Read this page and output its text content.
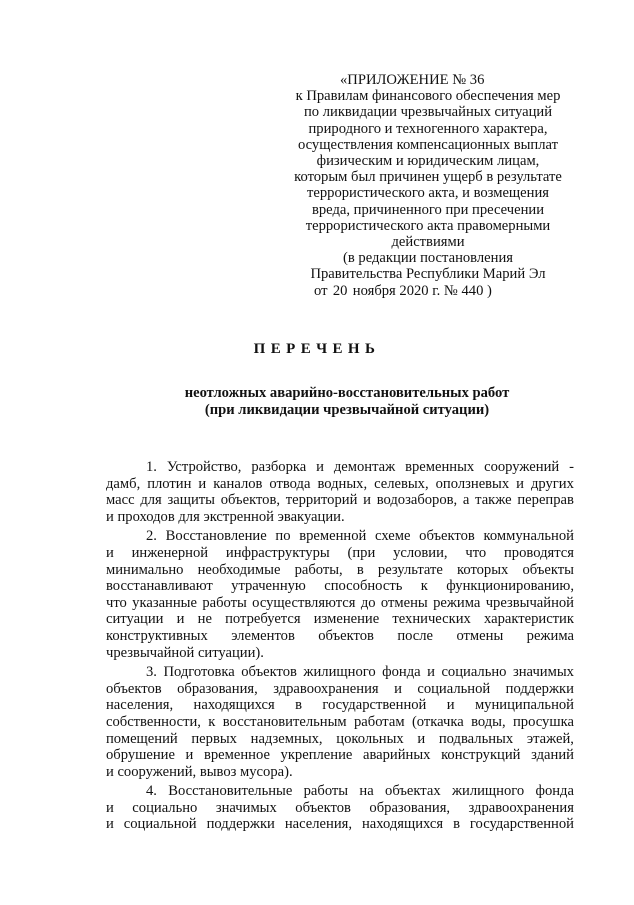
«ПРИЛОЖЕНИЕ № 36
к Правилам финансового обеспечения мер
по ликвидации чрезвычайных ситуаций
природного и техногенного характера,
осуществления компенсационных выплат
физическим и юридическим лицам,
которым был причинен ущерб в результате
террористического акта, и возмещения
вреда, причиненного при пресечении
террористического акта правомерными
действиями
(в редакции постановления
Правительства Республики Марий Эл
от 20 ноября 2020 г. № 440 )
ПЕРЕЧЕНЬ
неотложных аварийно-восстановительных работ
(при ликвидации чрезвычайной ситуации)
1. Устройство, разборка и демонтаж временных сооружений -
дамб, плотин и каналов отвода водных, селевых, оползневых и других
масс для защиты объектов, территорий и водозаборов, а также переправ
и проходов для экстренной эвакуации.
2. Восстановление по временной схеме объектов коммунальной
и инженерной инфраструктуры (при условии, что проводятся
минимально необходимые работы, в результате которых объекты
восстанавливают утраченную способность к функционированию,
что указанные работы осуществляются до отмены режима чрезвычайной
ситуации и не потребуется изменение технических характеристик
конструктивных элементов объектов после отмены режима
чрезвычайной ситуации).
3. Подготовка объектов жилищного фонда и социально значимых
объектов образования, здравоохранения и социальной поддержки
населения, находящихся в государственной и муниципальной
собственности, к восстановительным работам (откачка воды, просушка
помещений первых надземных, цокольных и подвальных этажей,
обрушение и временное укрепление аварийных конструкций зданий
и сооружений, вывоз мусора).
4. Восстановительные работы на объектах жилищного фонда
и социально значимых объектов образования, здравоохранения
и социальной поддержки населения, находящихся в государственной
